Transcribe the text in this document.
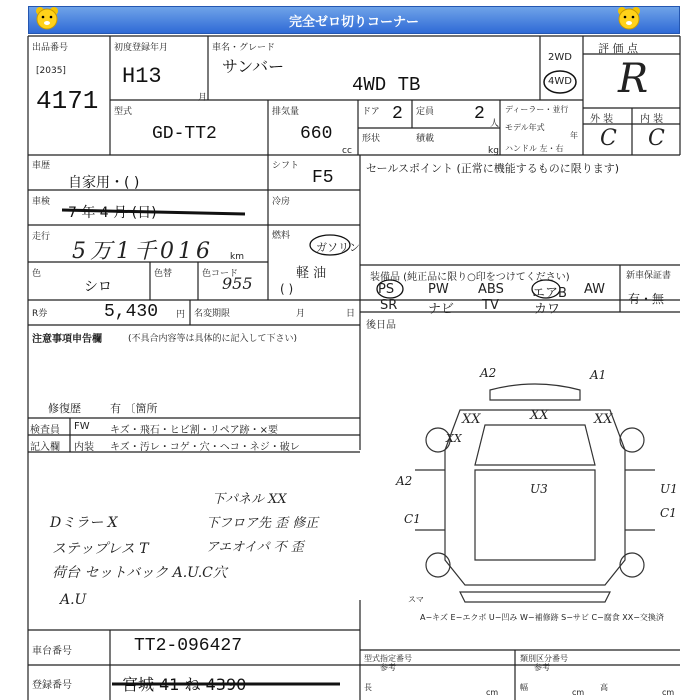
完全ゼロ切りコーナー
出品番号
[2035]
4171
初度登録年月
H13
月
車名・グレード
サンバー
4WD TB
2WD
4WD
評 価 点
R
外 装	内 装
C C
型式
GD-TT2
排気量
660
cc
ドア 2 定員 2 人
形状	積載
kg
ディーラー・並行
モデル年式
年
ハンドル 左・右
車歴
自家用・( )
シフト
F5
冷房
車検
7 年 4 月 (日)
燃料
ガソリン
軽 油
( )
走行
5万1千016 km
色
シロ
色替	色コード
955
R券	5,430 円 名変期限	月	日
セールスポイント (正常に機能するものに限ります)
装備品 (純正品に限り○印をつけてください)	新車保証書
有・無
PS	PW ABS エアB AW
SR ナビ TV	カワ
後日品
注意事項申告欄	(不具合内容等は具体的に記入して下さい)
修復歴	有 〔箇所
検査員
記入欄
FW
内装
キズ・飛石・ヒビ割・リペア跡・×要
キズ・汚レ・コゲ・穴・ヘコ・ネジ・破レ
Dミラー X
ステップレス T
荷台 セットバック A.U.C穴
A.U
下パネル XX
下フロア先 歪 修正
アエオイパ 不 歪
A2	A1
XX
XX	XX
XX
U3
A2
C1
U1
C1
スマ
A−キズ E−エクボ U−凹み W−補修跡 S−サビ C−腐食 XX−交換済
車台番号	TT2-096427
登録番号	宮城 41 ね 4390
型式指定番号
参考
類別区分番号
参考
長
cm
幅
cm
高
cm
